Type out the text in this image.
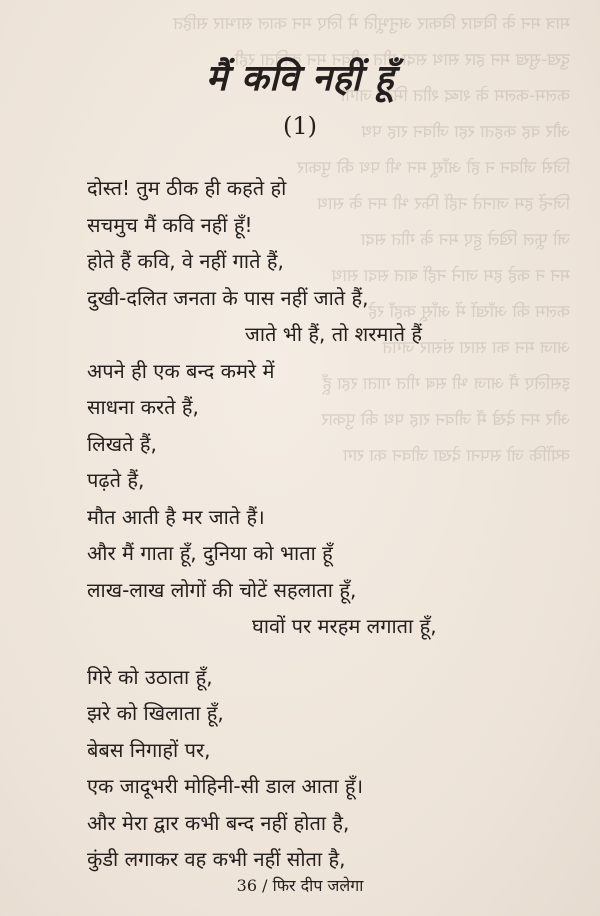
मात्र मन के विचार विकार अनुभूति मे लिए मन काल साभार सहित
दुख-सुख मन हार साथ सदा गीत जीवन मन कविता रही
कलम-कलम के शब्द शीत मिला जागी
और वह कहता रहा जीवन राह पथ
जिसे जीवन न हो आँसू मन भी पथ की पुकार
जिन्हें हम जानते नहीं फिर भी मन के साथ
जो फूल खिले हुए मन के गीत सदा
मन न कहे हम जाने नहीं बात सदा साथ
कलम की आँखों में आँसू कहाँ रहे
आज मन का सारा संसार जगत
इसलिए मैं आज भी सब गीत गाता रहा हूँ
और मन देखे मैं जीवन राह पथ की पुकार
क्योंकि जो सपना देखा जीवन का राग
मैं कवि नहीं हूँ
(1)
दोस्त! तुम ठीक ही कहते हो
सचमुच मैं कवि नहीं हूँ!
होते हैं कवि, वे नहीं गाते हैं,
दुखी-दलित जनता के पास नहीं जाते हैं,
जाते भी हैं, तो शरमाते हैं
अपने ही एक बन्द कमरे में
साधना करते हैं,
लिखते हैं,
पढ़ते हैं,
मौत आती है मर जाते हैं।
और मैं गाता हूँ, दुनिया को भाता हूँ
लाख-लाख लोगों की चोटें सहलाता हूँ,
घावों पर मरहम लगाता हूँ,
गिरे को उठाता हूँ,
झरे को खिलाता हूँ,
बेबस निगाहों पर,
एक जादूभरी मोहिनी-सी डाल आता हूँ।
और मेरा द्वार कभी बन्द नहीं होता है,
कुंडी लगाकर वह कभी नहीं सोता है,
36 / फिर दीप जलेगा
